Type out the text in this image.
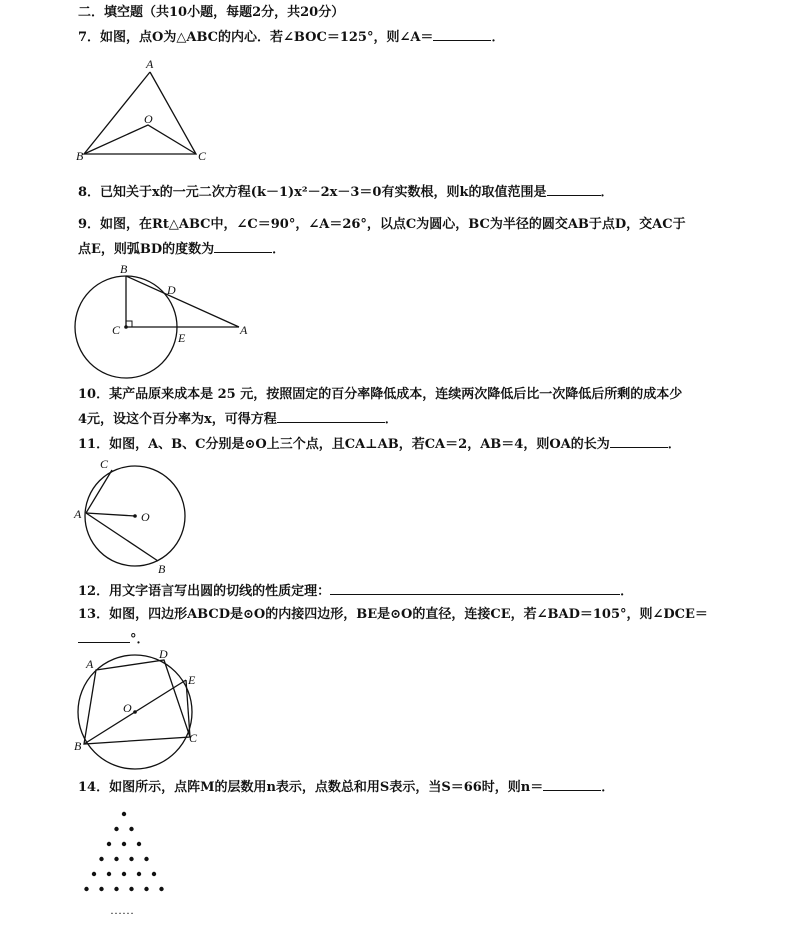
二．填空题（共10小题，每题2分，共20分）
7．如图，点O为△ABC的内心．若∠BOC＝125°，则∠A＝	．
A
O
B	C
8．已知关于x的一元二次方程(k－1)x²－2x－3＝0有实数根，则k的取值范围是	．
9．如图，在Rt△ABC中，∠C＝90°，∠A＝26°，以点C为圆心，BC为半径的圆交AB于点D，交AC于
点E，则弧BD的度数为	．
B
D
C
E
A
10．某产品原来成本是 25 元，按照固定的百分率降低成本，连续两次降低后比一次降低后所剩的成本少
4元，设这个百分率为x，可得方程	．
11．如图，A、B、C分别是⊙O上三个点，且CA⊥AB，若CA＝2，AB＝4，则OA的长为	．
C
A	O
B
12．用文字语言写出圆的切线的性质定理：	．
13．如图，四边形ABCD是⊙O的内接四边形，BE是⊙O的直径，连接CE，若∠BAD＝105°，则∠DCE＝
°．
A
D
E
O
B
C
14．如图所示，点阵M的层数用n表示，点数总和用S表示，当S＝66时，则n＝	．
……
